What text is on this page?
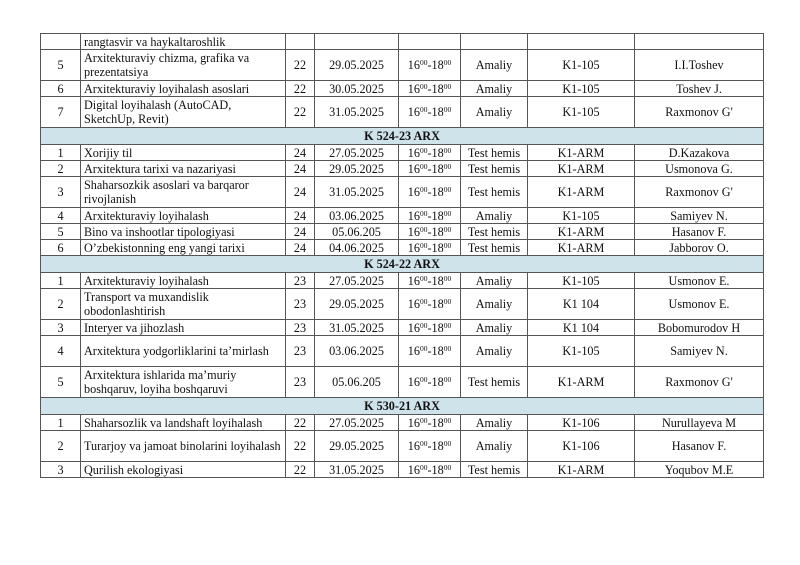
	rangtasvir va haykaltaroshlik						
5	Arxitekturaviy chizma, grafika va prezentatsiya	22	29.05.2025	$16^{00}-18^{00}$	Amaliy	K1-105	I.I.Toshev
6	Arxitekturaviy loyihalash asoslari	22	30.05.2025	$16^{00}-18^{00}$	Amaliy	K1-105	Toshev J.
7	Digital loyihalash (AutoCAD, SketchUp, Revit)	22	31.05.2025	$16^{00}-18^{00}$	Amaliy	K1-105	Raxmonov G'
K 524-23 ARX							
1	Xorijiy til	24	27.05.2025	$16^{00}-18^{00}$	Test hemis	K1-ARM	D.Kazakova
2	Arxitektura tarixi va nazariyasi	24	29.05.2025	$16^{00}-18^{00}$	Test hemis	K1-ARM	Usmonova G.
3	Shaharsozkik asoslari va barqaror rivojlanish	24	31.05.2025	$16^{00}-18^{00}$	Test hemis	K1-ARM	Raxmonov G'
4	Arxitekturaviy loyihalash	24	03.06.2025	$16^{00}-18^{00}$	Amaliy	K1-105	Samiyev N.
5	Bino va inshootlar tipologiyasi	24	05.06.205	$16^{00}-18^{00}$	Test hemis	K1-ARM	Hasanov F.
6	O’zbekistonning eng yangi tarixi	24	04.06.2025	$16^{00}-18^{00}$	Test hemis	K1-ARM	Jabborov O.
K 524-22 ARX							
1	Arxitekturaviy loyihalash	23	27.05.2025	$16^{00}-18^{00}$	Amaliy	K1-105	Usmonov E.
2	Transport va muxandislik obodonlashtirish	23	29.05.2025	$16^{00}-18^{00}$	Amaliy	K1 104	Usmonov E.
3	Interyer va jihozlash	23	31.05.2025	$16^{00}-18^{00}$	Amaliy	K1 104	Bobomurodov H
4	Arxitektura yodgorliklarini ta’mirlash	23	03.06.2025	$16^{00}-18^{00}$	Amaliy	K1-105	Samiyev N.
5	Arxitektura ishlarida ma’muriy boshqaruv, loyiha boshqaruvi	23	05.06.205	$16^{00}-18^{00}$	Test hemis	K1-ARM	Raxmonov G'
K 530-21 ARX							
1	Shaharsozlik va landshaft loyihalash	22	27.05.2025	$16^{00}-18^{00}$	Amaliy	K1-106	Nurullayeva M
2	Turarjoy va jamoat binolarini loyihalash	22	29.05.2025	$16^{00}-18^{00}$	Amaliy	K1-106	Hasanov F.
3	Qurilish ekologiyasi	22	31.05.2025	$16^{00}-18^{00}$	Test hemis	K1-ARM	Yoqubov M.E
